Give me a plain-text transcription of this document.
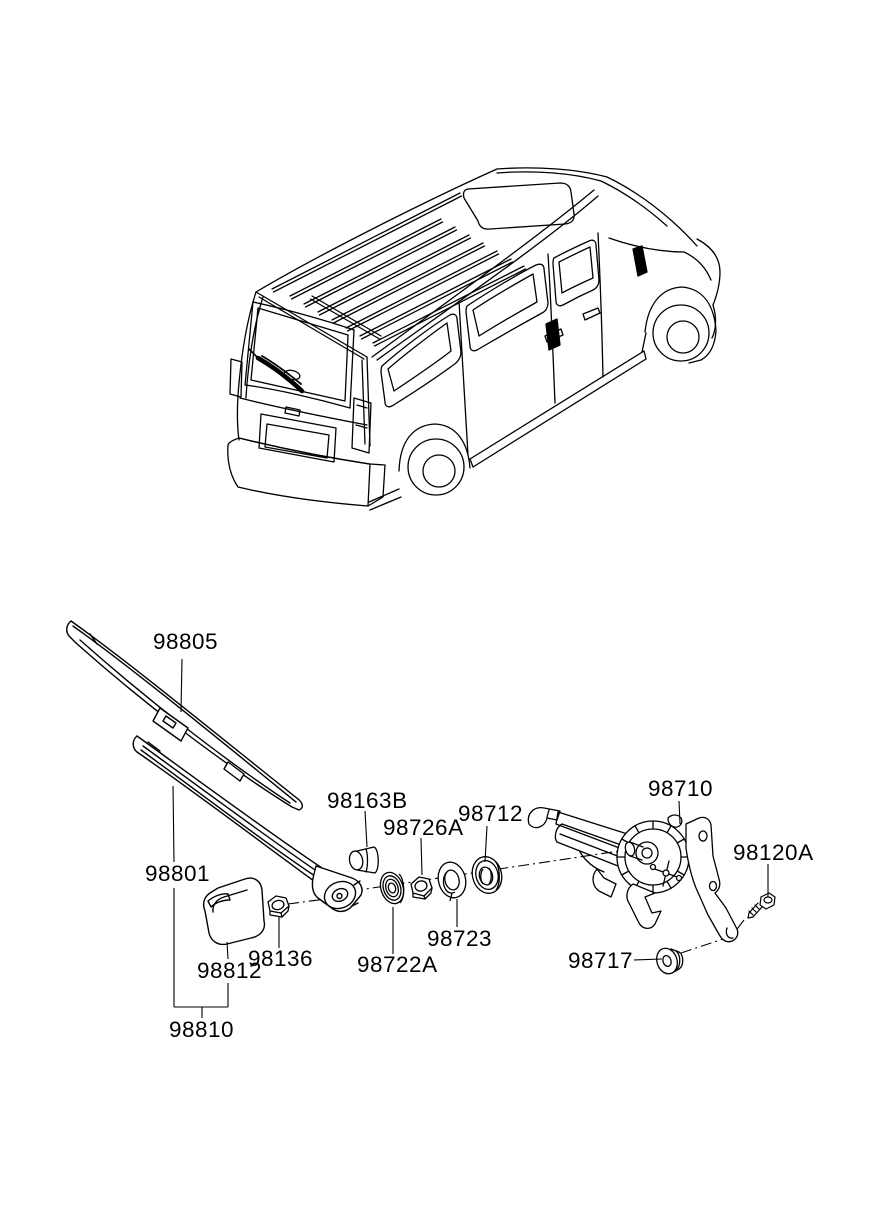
98805
98801
98812
98136
98810
98163B
98726A
98712
98722A
98723
98710
98120A
98717
